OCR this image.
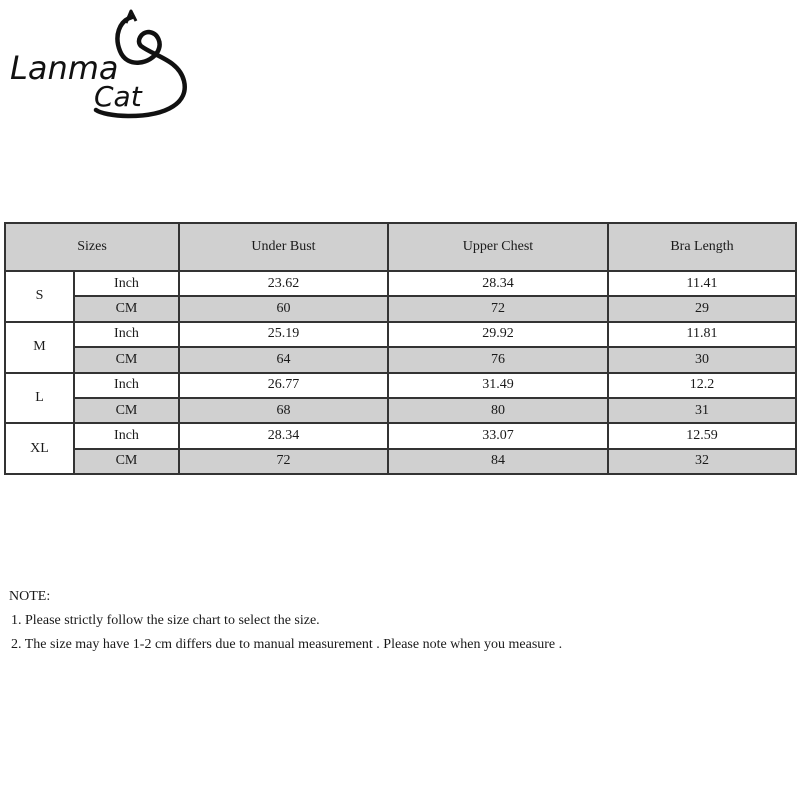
Lanma
Cat
Sizes		Under Bust	Upper Chest	Bra Length
S	Inch	23.62	28.34	11.41
	CM	60	72	29
M	Inch	25.19	29.92	11.81
	CM	64	76	30
L	Inch	26.77	31.49	12.2
	CM	68	80	31
XL	Inch	28.34	33.07	12.59
	CM	72	84	32
NOTE:
1. Please strictly follow the size chart to select the size.
2. The size may have 1-2 cm differs due to manual measurement . Please note when you measure .
